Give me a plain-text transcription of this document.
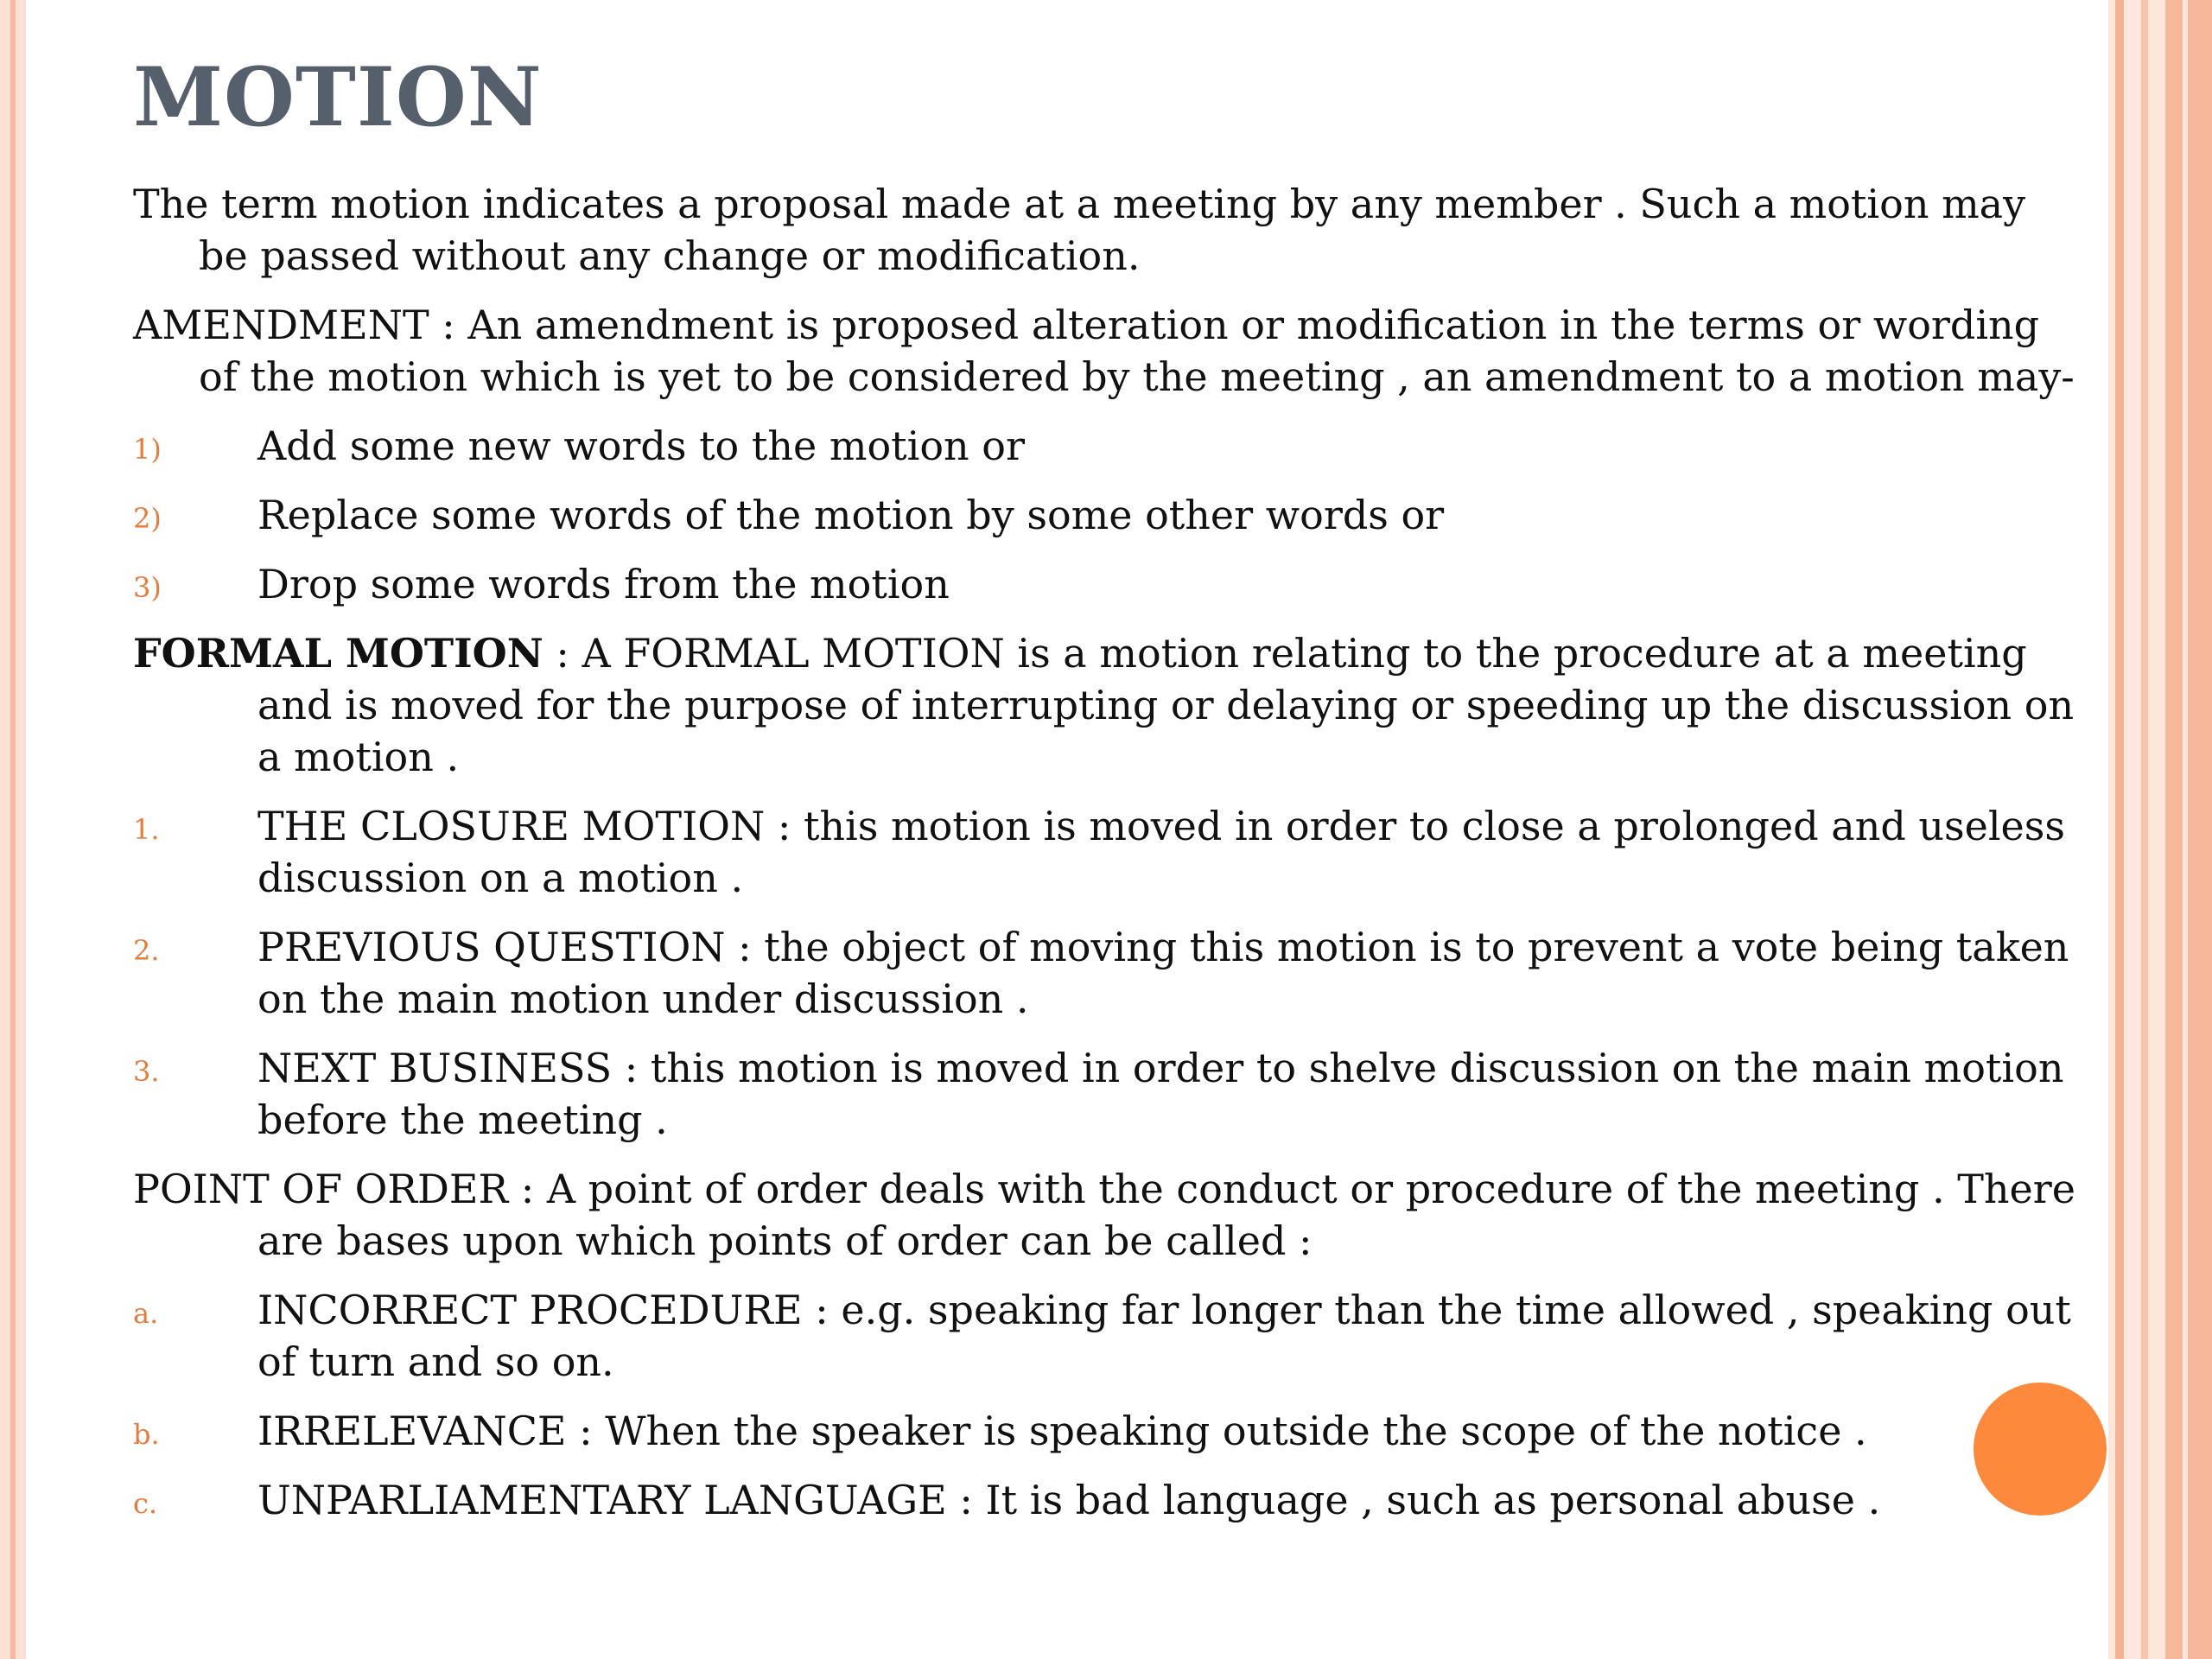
MOTION

The term motion indicates a proposal made at a meeting by any member . Such a motion may be passed without any change or modification.

AMENDMENT : An amendment is proposed alteration or modification in the terms or wording of the motion which is yet to be considered by the meeting , an amendment to a motion may-

1) Add some new words to the motion or
2) Replace some words of the motion by some other words or
3) Drop some words from the motion

FORMAL MOTION : A FORMAL MOTION is a motion relating to the procedure at a meeting and is moved for the purpose of interrupting or delaying or speeding up the discussion on a motion .

1. THE CLOSURE MOTION : this motion is moved in order to close a prolonged and useless discussion on a motion .
2. PREVIOUS QUESTION : the object of moving this motion is to prevent a vote being taken on the main motion under discussion .
3. NEXT BUSINESS : this motion is moved in order to shelve discussion on the main motion before the meeting .

POINT OF ORDER : A point of order deals with the conduct or procedure of the meeting . There are bases upon which points of order can be called :

a. INCORRECT PROCEDURE : e.g. speaking far longer than the time allowed , speaking out of turn and so on.
b. IRRELEVANCE : When the speaker is speaking outside the scope of the notice .
c.	UNPARLIAMENTARY LANGUAGE : It is bad language , such as personal abuse .
